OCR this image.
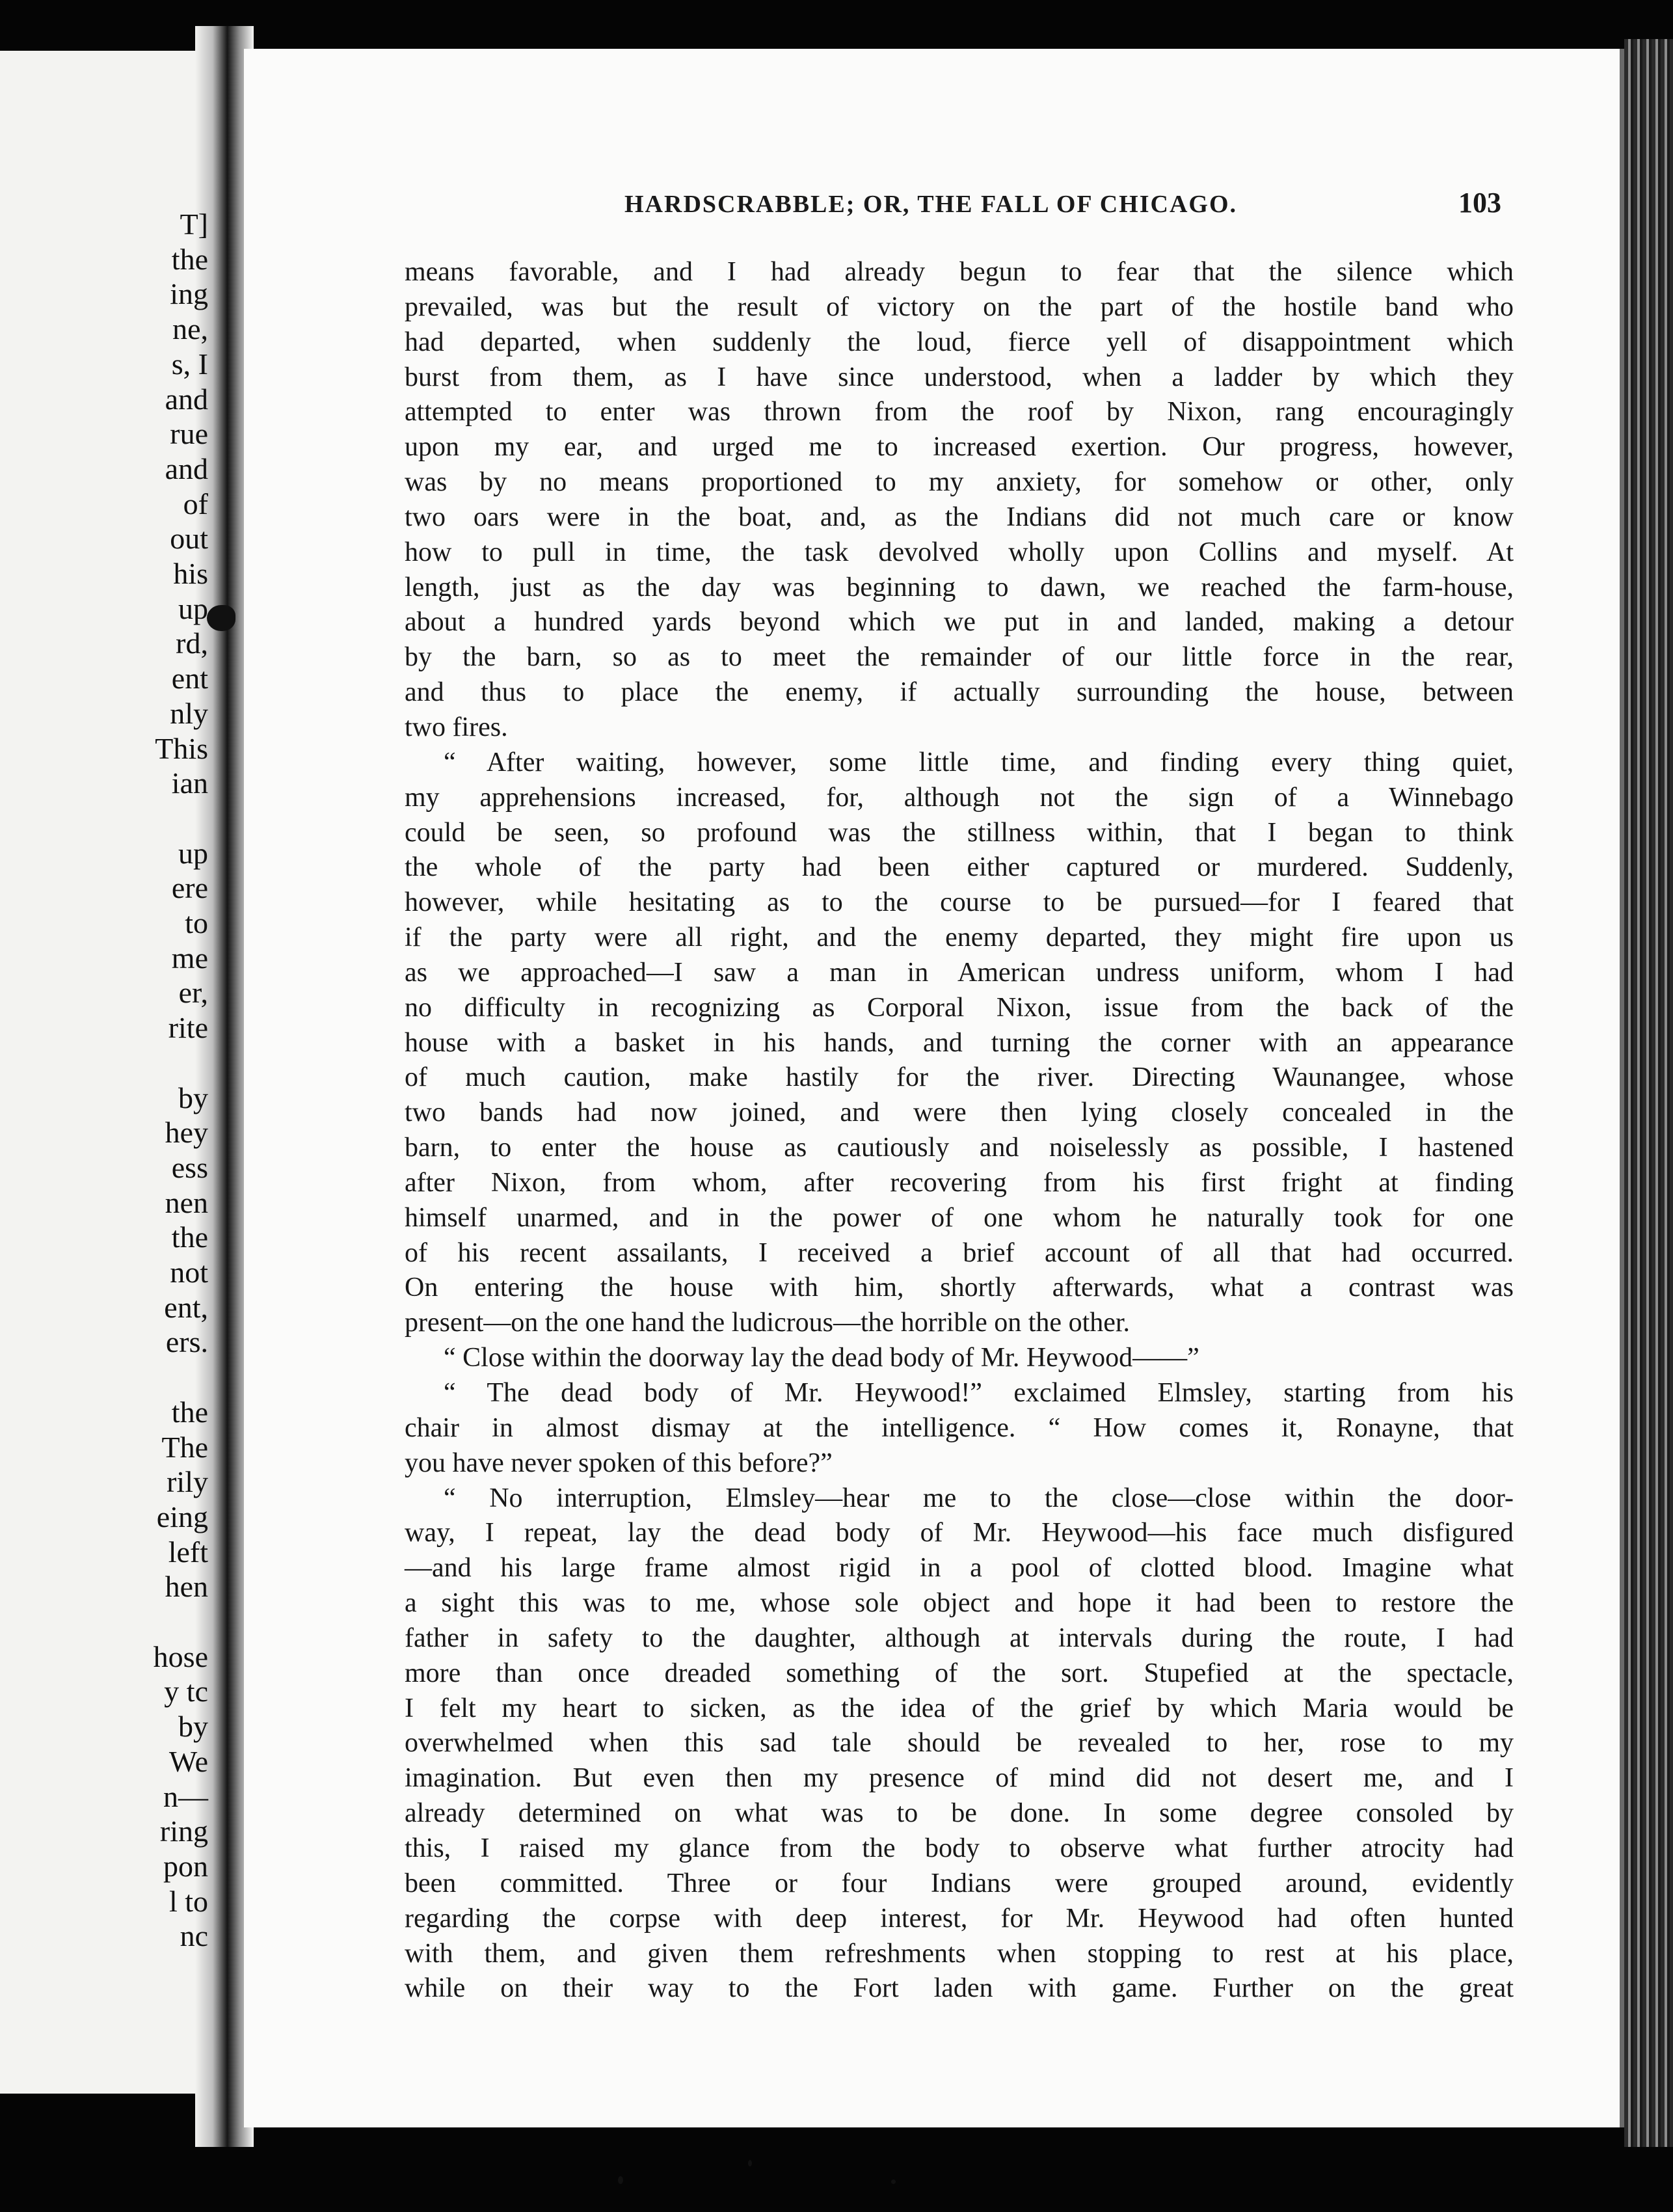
HARDSCRABBLE; OR, THE FALL OF CHICAGO.	103
means favorable, and I had already begun to fear that the silence which
prevailed, was but the result of victory on the part of the hostile band who
had departed, when suddenly the loud, fierce yell of disappointment which
burst from them, as I have since understood, when a ladder by which they
attempted to enter was thrown from the roof by Nixon, rang encouragingly
upon my ear, and urged me to increased exertion. Our progress, however,
was by no means proportioned to my anxiety, for somehow or other, only
two oars were in the boat, and, as the Indians did not much care or know
how to pull in time, the task devolved wholly upon Collins and myself. At
length, just as the day was beginning to dawn, we reached the farm-house,
about a hundred yards beyond which we put in and landed, making a detour
by the barn, so as to meet the remainder of our little force in the rear,
and thus to place the enemy, if actually surrounding the house, between
two fires.
“ After waiting, however, some little time, and finding every thing quiet,
my apprehensions increased, for, although not the sign of a Winnebago
could be seen, so profound was the stillness within, that I began to think
the whole of the party had been either captured or murdered. Suddenly,
however, while hesitating as to the course to be pursued—for I feared that
if the party were all right, and the enemy departed, they might fire upon us
as we approached—I saw a man in American undress uniform, whom I had
no difficulty in recognizing as Corporal Nixon, issue from the back of the
house with a basket in his hands, and turning the corner with an appearance
of much caution, make hastily for the river. Directing Waunangee, whose
two bands had now joined, and were then lying closely concealed in the
barn, to enter the house as cautiously and noiselessly as possible, I hastened
after Nixon, from whom, after recovering from his first fright at finding
himself unarmed, and in the power of one whom he naturally took for one
of his recent assailants, I received a brief account of all that had occurred.
On entering the house with him, shortly afterwards, what a contrast was
present—on the one hand the ludicrous—the horrible on the other.
“ Close within the doorway lay the dead body of Mr. Heywood——”
“ The dead body of Mr. Heywood!” exclaimed Elmsley, starting from his
chair in almost dismay at the intelligence. “ How comes it, Ronayne, that
you have never spoken of this before?”
“ No interruption, Elmsley—hear me to the close—close within the door-
way, I repeat, lay the dead body of Mr. Heywood—his face much disfigured
—and his large frame almost rigid in a pool of clotted blood. Imagine what
a sight this was to me, whose sole object and hope it had been to restore the
father in safety to the daughter, although at intervals during the route, I had
more than once dreaded something of the sort. Stupefied at the spectacle,
I felt my heart to sicken, as the idea of the grief by which Maria would be
overwhelmed when this sad tale should be revealed to her, rose to my
imagination. But even then my presence of mind did not desert me, and I
already determined on what was to be done. In some degree consoled by
this, I raised my glance from the body to observe what further atrocity had
been committed. Three or four Indians were grouped around, evidently
regarding the corpse with deep interest, for Mr. Heywood had often hunted
with them, and given them refreshments when stopping to rest at his place,
while on their way to the Fort laden with game. Further on the great
T]
the
ing
ne,
s, I
and
rue
and
of
out
his
up
rd,
ent
nly
This
ian
up
ere
to
me
er,
rite
by
hey
ess
nen
the
not
ent,
ers.
the
The
rily
eing
left
hen
hose
y tc
by
We
n—
ring
pon
l to
nc
